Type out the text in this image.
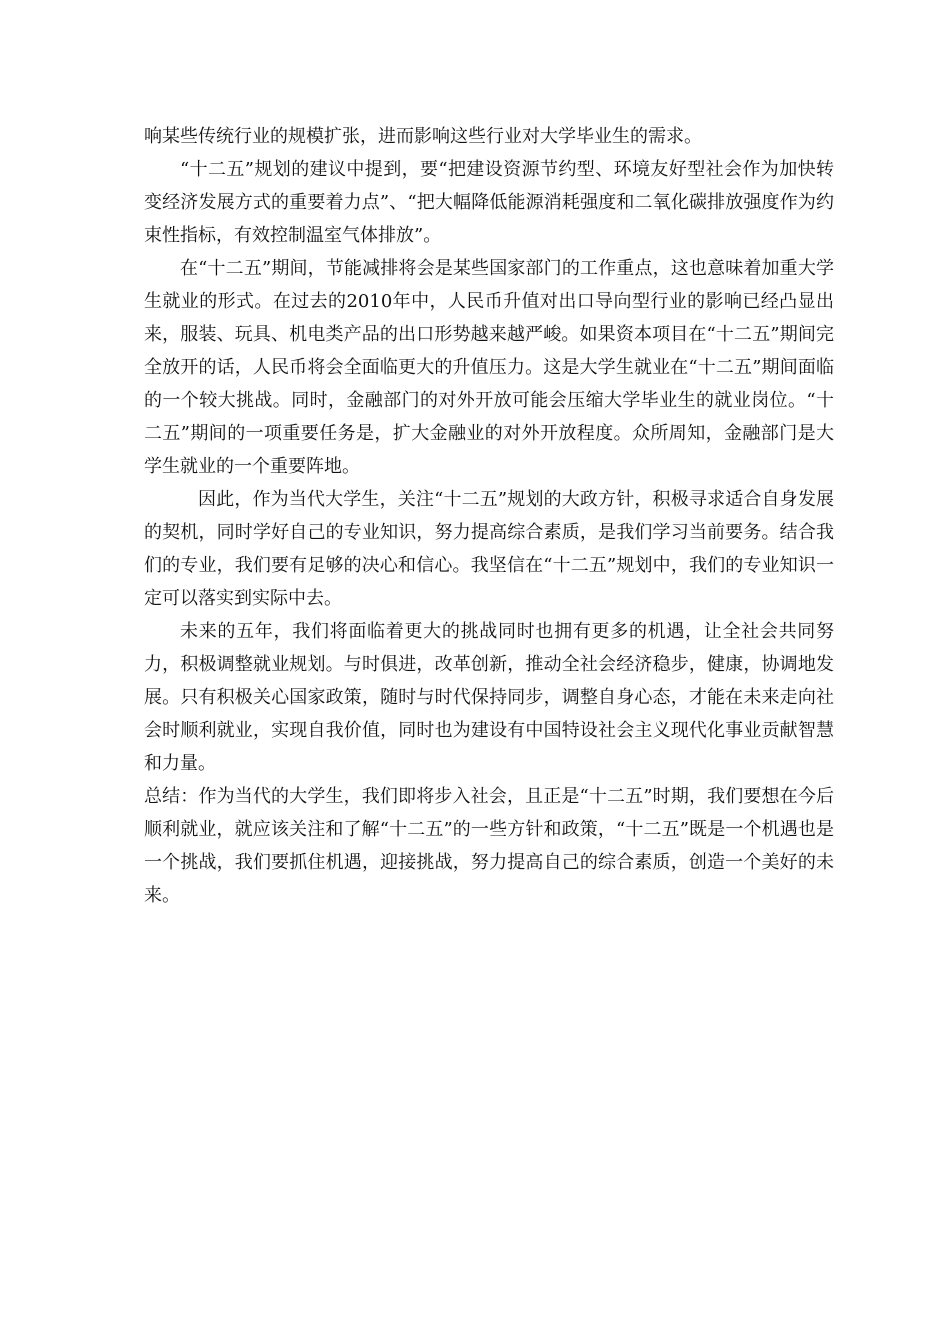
响某些传统行业的规模扩张，进而影响这些行业对大学毕业生的需求。

“十二五”规划的建议中提到，要“把建设资源节约型、环境友好型社会作为加快转变经济发展方式的重要着力点”、“把大幅降低能源消耗强度和二氧化碳排放强度作为约束性指标，有效控制温室气体排放”。

在“十二五”期间，节能减排将会是某些国家部门的工作重点，这也意味着加重大学生就业的形式。在过去的2010年中，人民币升值对出口导向型行业的影响已经凸显出来，服装、玩具、机电类产品的出口形势越来越严峻。如果资本项目在“十二五”期间完全放开的话，人民币将会全面临更大的升值压力。这是大学生就业在“十二五”期间面临的一个较大挑战。同时，金融部门的对外开放可能会压缩大学毕业生的就业岗位。“十二五”期间的一项重要任务是，扩大金融业的对外开放程度。众所周知，金融部门是大学生就业的一个重要阵地。

因此，作为当代大学生，关注“十二五”规划的大政方针，积极寻求适合自身发展的契机，同时学好自己的专业知识，努力提高综合素质，是我们学习当前要务。结合我们的专业，我们要有足够的决心和信心。我坚信在“十二五”规划中，我们的专业知识一定可以落实到实际中去。

未来的五年，我们将面临着更大的挑战同时也拥有更多的机遇，让全社会共同努力，积极调整就业规划。与时俱进，改革创新，推动全社会经济稳步，健康，协调地发展。只有积极关心国家政策，随时与时代保持同步，调整自身心态，才能在未来走向社会时顺利就业，实现自我价值，同时也为建设有中国特设社会主义现代化事业贡献智慧和力量。

总结：作为当代的大学生，我们即将步入社会，且正是“十二五”时期，我们要想在今后顺利就业，就应该关注和了解“十二五”的一些方针和政策，“十二五”既是一个机遇也是一个挑战，我们要抓住机遇，迎接挑战，努力提高自己的综合素质，创造一个美好的未来。
